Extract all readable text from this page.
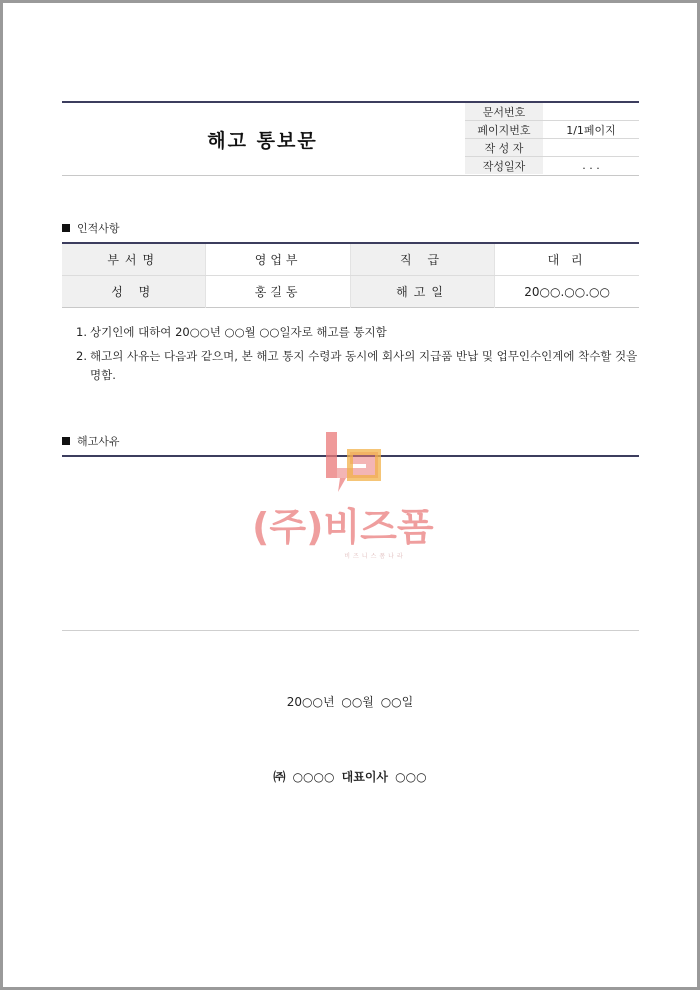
해고 통보문
문서번호	
페이지번호	1/1페이지
작 성 자	
작성일자	. . .
인적사항
부서명	영업부	직 급	대 리
성 명	홍길동	해고일	20○○.○○.○○
1. 상기인에 대하여 20○○년 ○○월 ○○일자로 해고를 통지함
2. 해고의 사유는 다음과 같으며, 본 해고 통지 수령과 동시에 회사의 지급품 반납 및 업무인수인계에 착수할 것을 명함.
해고사유
(주)비즈폼
비즈니스폼나라
20○○년 ○○월 ○○일
㈜ ○○○○ 대표이사 ○○○
